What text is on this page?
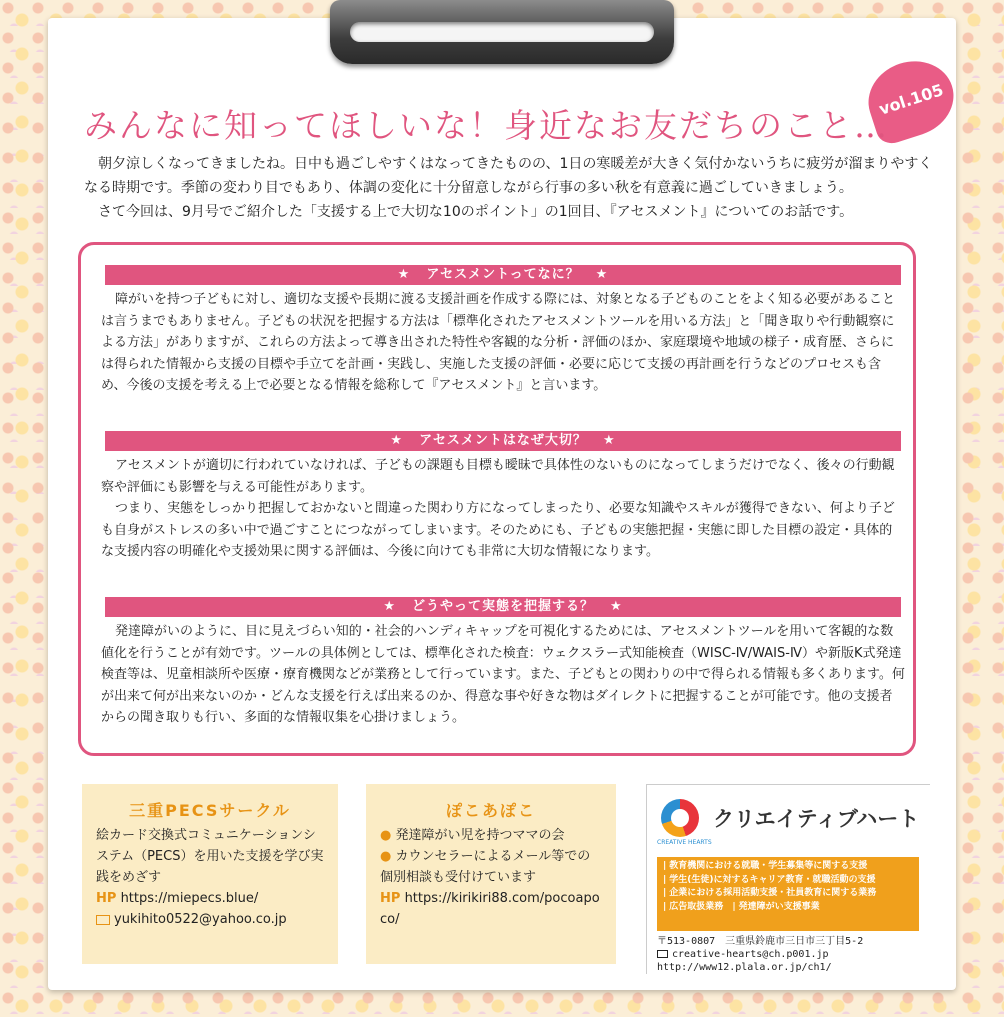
vol.105
みんなに知ってほしいな！身近なお友だちのこと…

朝夕涼しくなってきましたね。日中も過ごしやすくはなってきたものの、1日の寒暖差が大きく気付かないうちに疲労が溜まりやすくなる時期です。季節の変わり目でもあり、体調の変化に十分留意しながら行事の多い秋を有意義に過ごしていきましょう。

さて今回は、9月号でご紹介した「支援する上で大切な10のポイント」の1回目、『アセスメント』についてのお話です。

★ アセスメントってなに？ ★

障がいを持つ子どもに対し、適切な支援や長期に渡る支援計画を作成する際には、対象となる子どものことをよく知る必要があることは言うまでもありません。子どもの状況を把握する方法は「標準化されたアセスメントツールを用いる方法」と「聞き取りや行動観察による方法」がありますが、これらの方法よって導き出された特性や客観的な分析・評価のほか、家庭環境や地域の様子・成育歴、さらには得られた情報から支援の目標や手立てを計画・実践し、実施した支援の評価・必要に応じて支援の再計画を行うなどのプロセスも含め、今後の支援を考える上で必要となる情報を総称して『アセスメント』と言います。

★ アセスメントはなぜ大切？ ★

アセスメントが適切に行われていなければ、子どもの課題も目標も曖昧で具体性のないものになってしまうだけでなく、後々の行動観察や評価にも影響を与える可能性があります。

つまり、実態をしっかり把握しておかないと間違った関わり方になってしまったり、必要な知識やスキルが獲得できない、何より子ども自身がストレスの多い中で過ごすことにつながってしまいます。そのためにも、子どもの実態把握・実態に即した目標の設定・具体的な支援内容の明確化や支援効果に関する評価は、今後に向けても非常に大切な情報になります。

★ どうやって実態を把握する？ ★

発達障がいのように、目に見えづらい知的・社会的ハンディキャップを可視化するためには、アセスメントツールを用いて客観的な数値化を行うことが有効です。ツールの具体例としては、標準化された検査：ウェクスラー式知能検査（WISC-Ⅳ/WAIS-Ⅳ）や新版K式発達検査等は、児童相談所や医療・療育機関などが業務として行っています。また、子どもとの関わりの中で得られる情報も多くあります。何が出来て何が出来ないのか・どんな支援を行えば出来るのか、得意な事や好きな物はダイレクトに把握することが可能です。他の支援者からの聞き取りも行い、多面的な情報収集を心掛けましょう。

三重PECSサークル
絵カード交換式コミュニケーションシステム（PECS）を用いた支援を学び実践をめざす
HP https://miepecs.blue/
yukihito0522@yahoo.co.jp
ぽこあぽこ
● 発達障がい児を持つママの会
● カウンセラーによるメール等での個別相談も受付けています
HP https://kirikiri88.com/pocoapoco/
CREATIVE HEARTS
クリエイティブハート
| 教育機関における就職・学生募集等に関する支援
| 学生(生徒)に対するキャリア教育・就職活動の支援
| 企業における採用活動支援・社員教育に関する業務
| 広告取扱業務　 | 発達障がい支援事業
〒513-0807　三重県鈴鹿市三日市三丁目5-2
creative-hearts@ch.p001.jp
http://www12.plala.or.jp/ch1/
